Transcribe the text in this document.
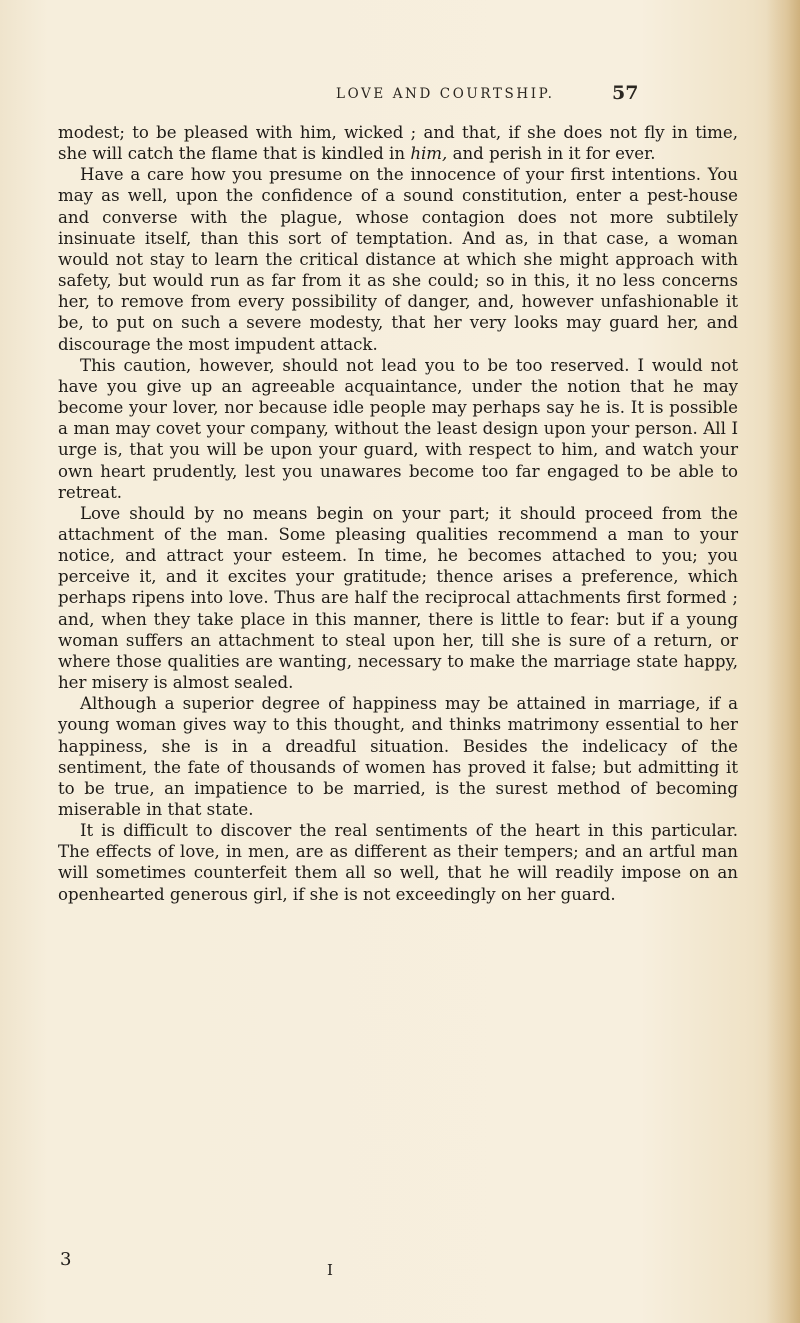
LOVE AND COURTSHIP.	57

modest; to be pleased with him, wicked ; and that, if she does not fly in time, she will catch the flame that is kindled in him, and perish in it for ever.

Have a care how you presume on the innocence of your first intentions. You may as well, upon the confidence of a sound constitution, enter a pest-house and converse with the plague, whose contagion does not more subtilely insinuate itself, than this sort of temptation. And as, in that case, a woman would not stay to learn the critical distance at which she might approach with safety, but would run as far from it as she could; so in this, it no less concerns her, to remove from every possibility of danger, and, however unfashionable it be, to put on such a severe modesty, that her very looks may guard her, and discourage the most impudent attack.

This caution, however, should not lead you to be too reserved. I would not have you give up an agreeable acquaintance, under the notion that he may become your lover, nor because idle people may perhaps say he is. It is possible a man may covet your company, without the least design upon your person. All I urge is, that you will be upon your guard, with respect to him, and watch your own heart prudently, lest you unawares become too far engaged to be able to retreat.

Love should by no means begin on your part; it should proceed from the attachment of the man. Some pleasing qualities recommend a man to your notice, and attract your esteem. In time, he becomes attached to you; you perceive it, and it excites your gratitude; thence arises a preference, which perhaps ripens into love. Thus are half the reciprocal attachments first formed ; and, when they take place in this manner, there is little to fear: but if a young woman suffers an attachment to steal upon her, till she is sure of a return, or where those qualities are wanting, necessary to make the marriage state happy, her misery is almost sealed.

Although a superior degree of happiness may be attained in marriage, if a young woman gives way to this thought, and thinks matrimony essential to her happiness, she is in a dreadful situation. Besides the indelicacy of the sentiment, the fate of thousands of women has proved it false; but admitting it to be true, an impatience to be married, is the surest method of becoming miserable in that state.

It is difficult to discover the real sentiments of the heart in this particular. The effects of love, in men, are as different as their tempers; and an artful man will sometimes counterfeit them all so well, that he will readily impose on an openhearted generous girl, if she is not exceedingly on her guard.

3	I
